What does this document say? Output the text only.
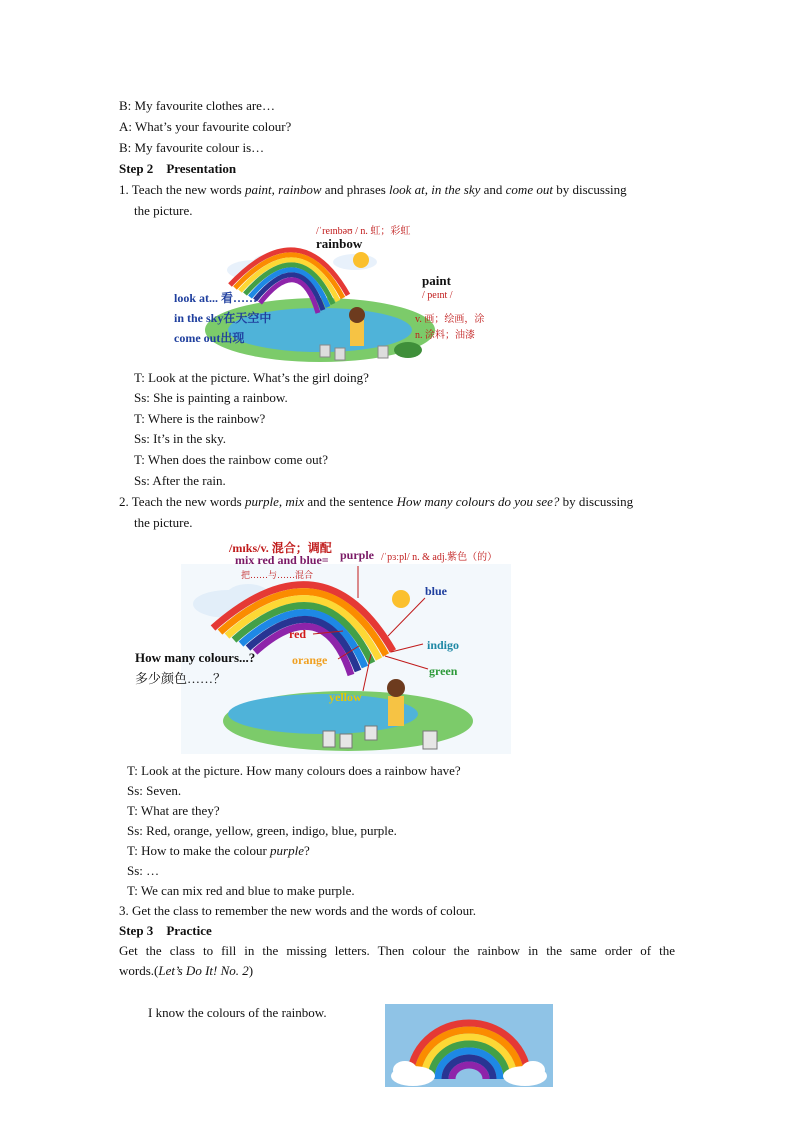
B: My favourite clothes are…
A: What’s your favourite colour?
B: My favourite colour is…
Step 2 Presentation
1. Teach the new words paint, rainbow and phrases look at, in the sky and come out by discussing
the picture.
/ˈreɪnbəʊ / n. 虹；彩虹
rainbow
paint
/ peɪnt /
v. 画；绘画，涂
n. 涂料；油漆
look at... 看……
in the sky在天空中
come out出现
T: Look at the picture. What’s the girl doing?
Ss: She is painting a rainbow.
T: Where is the rainbow?
Ss: It’s in the sky.
T: When does the rainbow come out?
Ss: After the rain.
2. Teach the new words purple, mix and the sentence How many colours do you see? by discussing
the picture.
/mɪks/v. 混合；调配
mix red and blue=
把……与……混合
purple /ˈpɜːpl/ n. & adj.紫色（的）
blue
red
indigo
orange
green
yellow
How many colours...?
多少颜色……？
T: Look at the picture. How many colours does a rainbow have?
Ss: Seven.
T: What are they?
Ss: Red, orange, yellow, green, indigo, blue, purple.
T: How to make the colour purple?
Ss: …
T: We can mix red and blue to make purple.
3. Get the class to remember the new words and the words of colour.
Step 3 Practice
Get the class to fill in the missing letters. Then colour the rainbow in the same order of the
words.(Let’s Do It! No. 2)
I know the colours of the rainbow.
